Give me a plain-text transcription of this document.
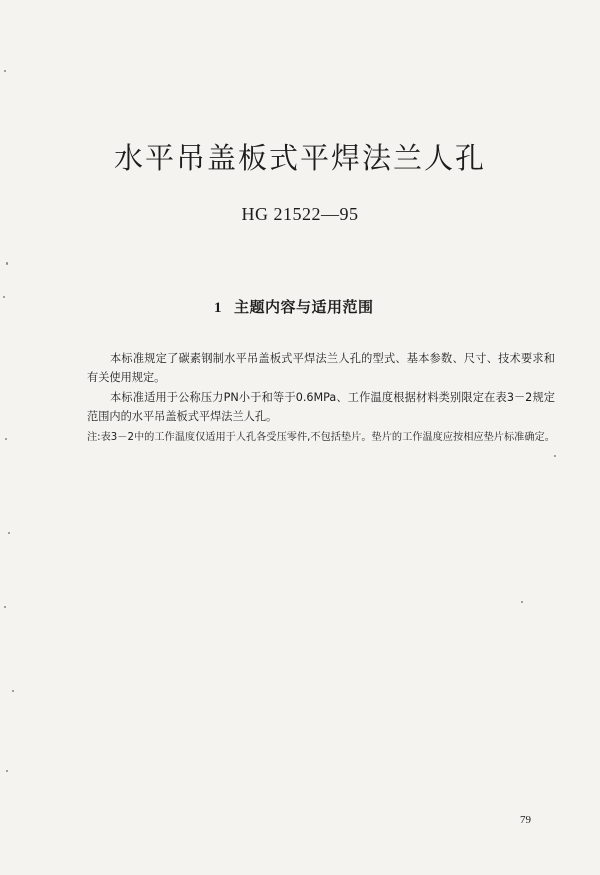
水平吊盖板式平焊法兰人孔
HG 21522—95
1 主题内容与适用范围

本标准规定了碳素钢制水平吊盖板式平焊法兰人孔的型式、基本参数、尺寸、技术要求和有关使用规定。

本标准适用于公称压力PN小于和等于0.6MPa、工作温度根据材料类别限定在表3－2规定范围内的水平吊盖板式平焊法兰人孔。

注:表3－2中的工作温度仅适用于人孔各受压零件,不包括垫片。垫片的工作温度应按相应垫片标准确定。

79
